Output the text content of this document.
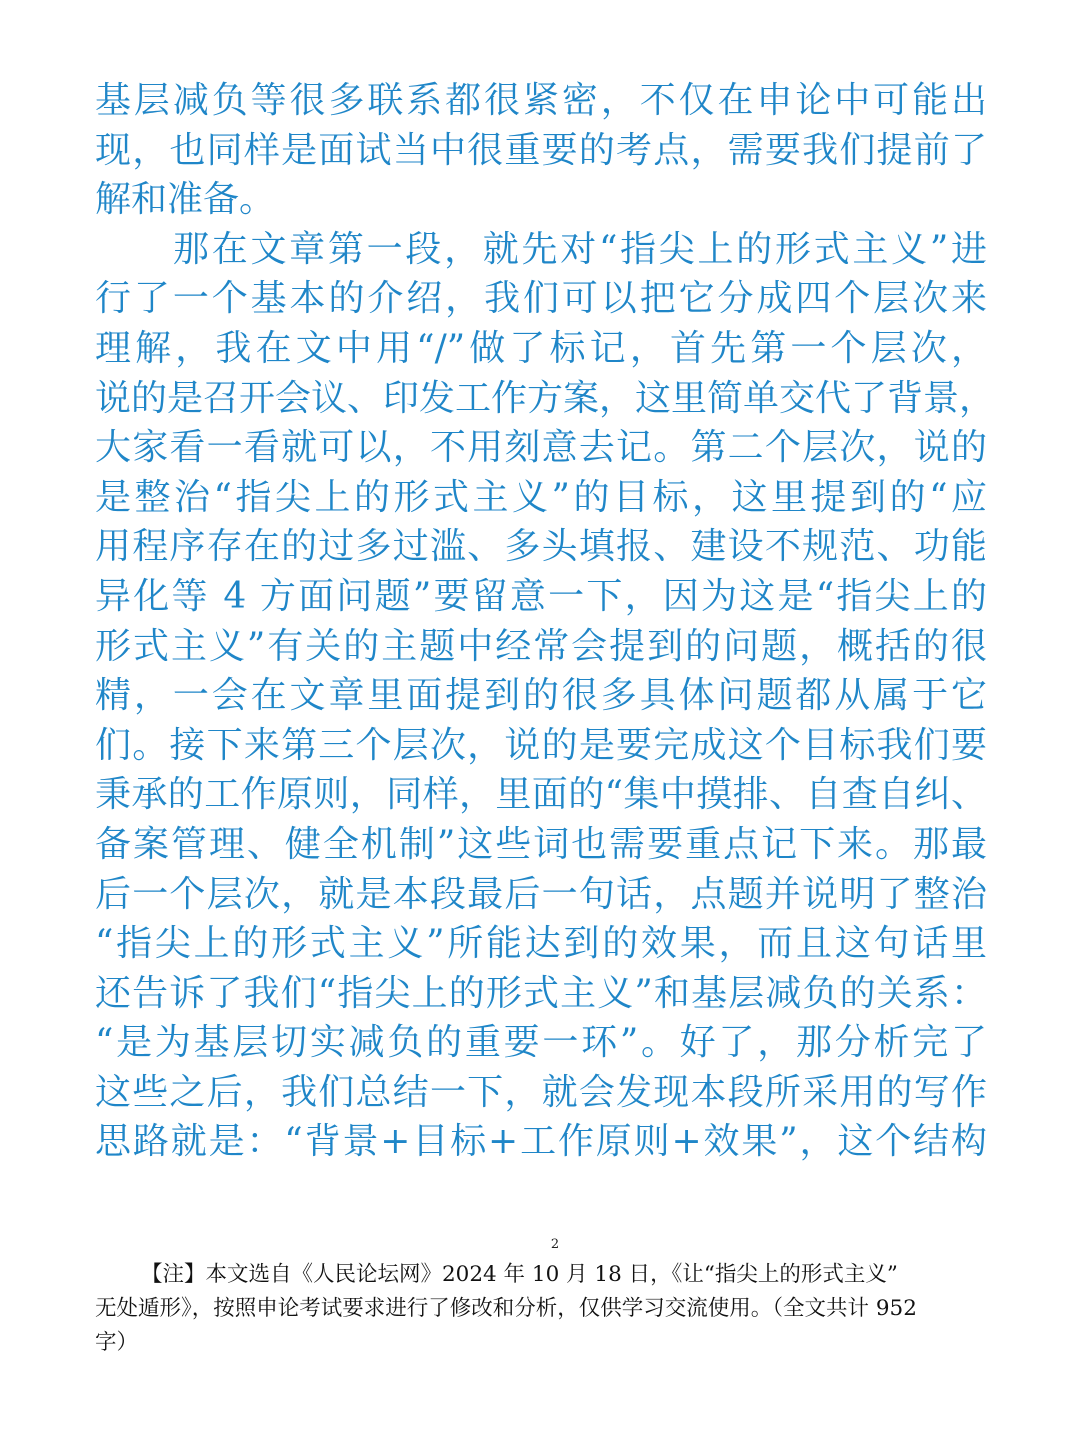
基层减负等很多联系都很紧密，不仅在申论中可能出
现，也同样是面试当中很重要的考点，需要我们提前了
解和准备。
那在文章第一段，就先对“指尖上的形式主义”进
行了一个基本的介绍，我们可以把它分成四个层次来
理解，我在文中用“/”做了标记，首先第一个层次，
说的是召开会议、印发工作方案，这里简单交代了背景，
大家看一看就可以，不用刻意去记。第二个层次，说的
是整治“指尖上的形式主义”的目标，这里提到的“应
用程序存在的过多过滥、多头填报、建设不规范、功能
异化等 4 方面问题”要留意一下，因为这是“指尖上的
形式主义”有关的主题中经常会提到的问题，概括的很
精，一会在文章里面提到的很多具体问题都从属于它
们。接下来第三个层次，说的是要完成这个目标我们要
秉承的工作原则，同样，里面的“集中摸排、自查自纠、
备案管理、健全机制”这些词也需要重点记下来。那最
后一个层次，就是本段最后一句话，点题并说明了整治
“指尖上的形式主义”所能达到的效果，而且这句话里
还告诉了我们“指尖上的形式主义”和基层减负的关系：
“是为基层切实减负的重要一环”。好了，那分析完了
这些之后，我们总结一下，就会发现本段所采用的写作
思路就是：“背景+目标+工作原则+效果”，这个结构
2
【注】本文选自《人民论坛网》2024 年 10 月 18 日，《让“指尖上的形式主义”
无处遁形》，按照申论考试要求进行了修改和分析，仅供学习交流使用。（全文共计 952
字）
